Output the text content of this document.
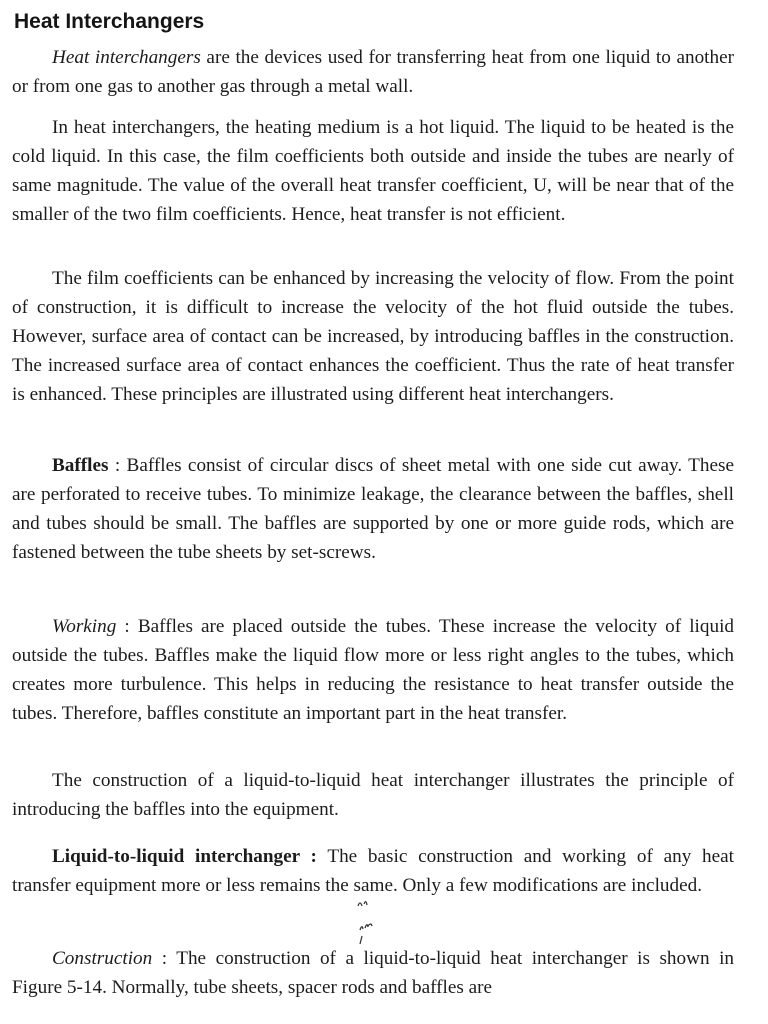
Heat Interchangers

Heat interchangers are the devices used for transferring heat from one liquid to another or from one gas to another gas through a metal wall.

In heat interchangers, the heating medium is a hot liquid. The liquid to be heated is the cold liquid. In this case, the film coefficients both outside and inside the tubes are nearly of same magnitude. The value of the overall heat transfer coefficient, U, will be near that of the smaller of the two film coefficients. Hence, heat transfer is not efficient.

The film coefficients can be enhanced by increasing the velocity of flow. From the point of construction, it is difficult to increase the velocity of the hot fluid outside the tubes. However, surface area of contact can be increased, by introducing baffles in the construction. The increased surface area of contact enhances the coefficient. Thus the rate of heat transfer is enhanced. These principles are illustrated using different heat interchangers.

Baffles : Baffles consist of circular discs of sheet metal with one side cut away. These are perforated to receive tubes. To minimize leakage, the clearance between the baffles, shell and tubes should be small. The baffles are supported by one or more guide rods, which are fastened between the tube sheets by set-screws.

Working : Baffles are placed outside the tubes. These increase the velocity of liquid outside the tubes. Baffles make the liquid flow more or less right angles to the tubes, which creates more turbulence. This helps in reducing the resistance to heat transfer outside the tubes. Therefore, baffles constitute an important part in the heat transfer.

The construction of a liquid-to-liquid heat interchanger illustrates the principle of introducing the baffles into the equipment.

Liquid-to-liquid interchanger : The basic construction and working of any heat transfer equipment more or less remains the same. Only a few modifications are included.

Construction : The construction of a liquid-to-liquid heat interchanger is shown in Figure 5-14. Normally, tube sheets, spacer rods and baffles are
